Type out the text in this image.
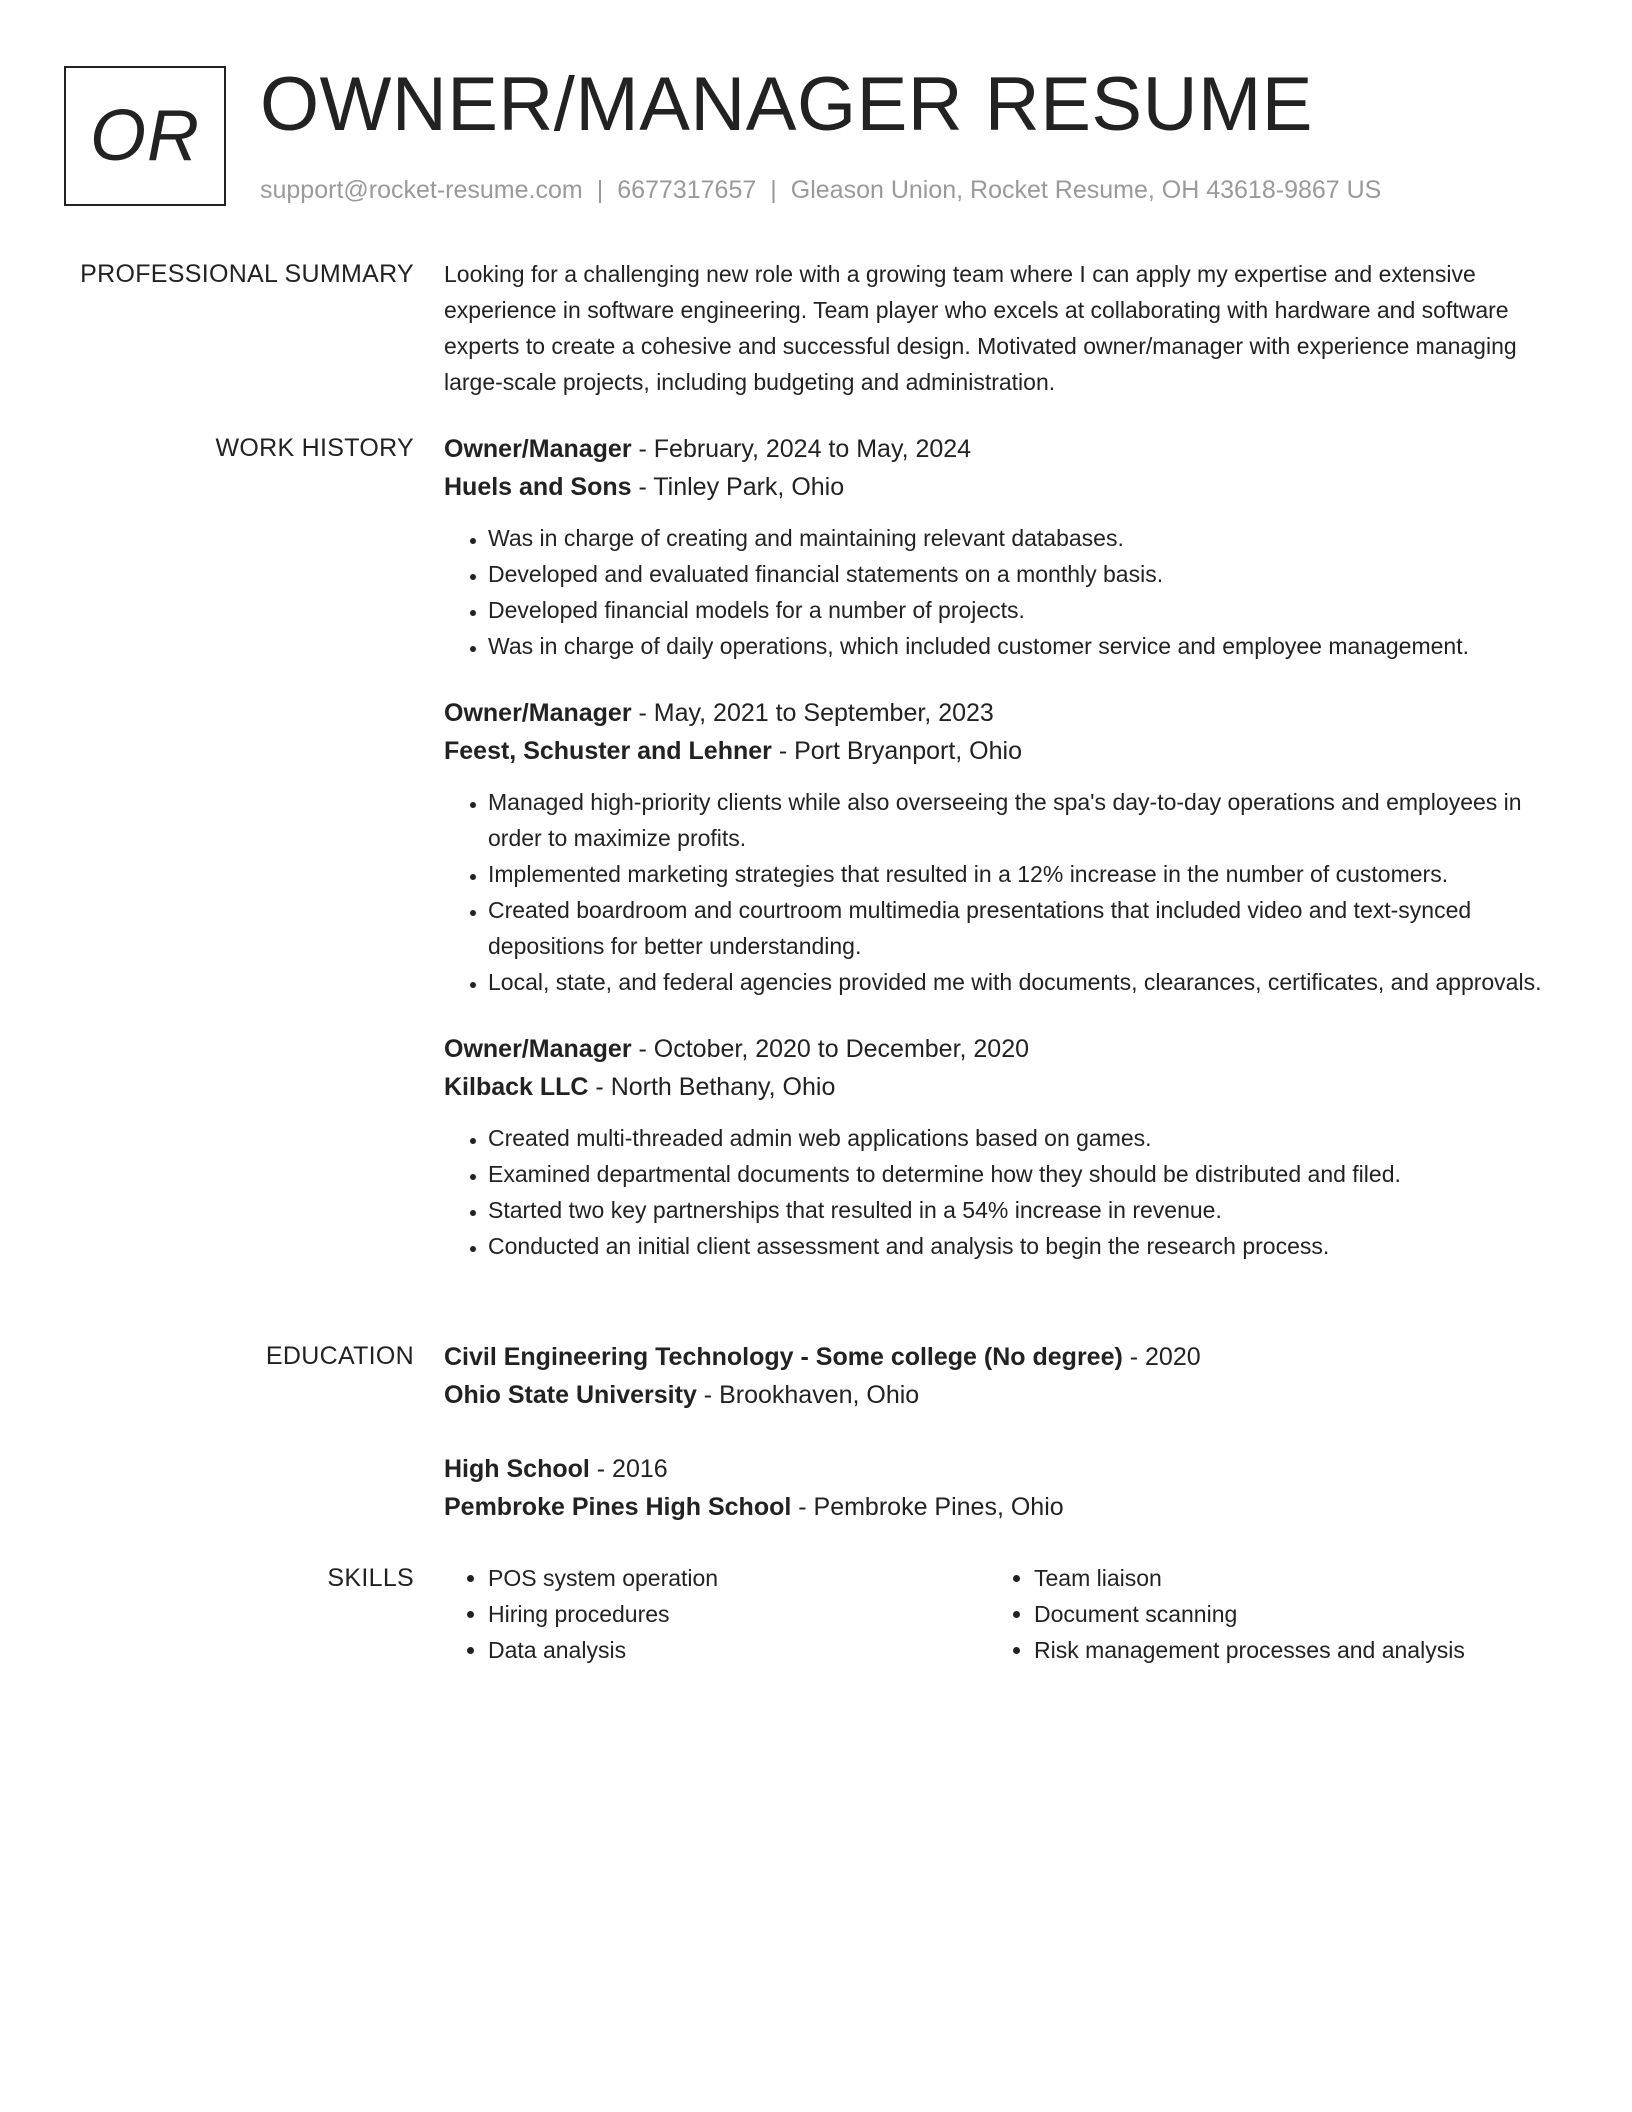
OR OWNER/MANAGER RESUME
support@rocket-resume.com | 6677317657 | Gleason Union, Rocket Resume, OH 43618-9867 US
PROFESSIONAL SUMMARY Looking for a challenging new role with a growing team where I can apply my expertise and extensive experience in software engineering. Team player who excels at collaborating with hardware and software experts to create a cohesive and successful design. Motivated owner/manager with experience managing large-scale projects, including budgeting and administration.

WORK HISTORY Owner/Manager - February, 2024 to May, 2024
Huels and Sons - Tinley Park, Ohio
• Was in charge of creating and maintaining relevant databases.
• Developed and evaluated financial statements on a monthly basis.
• Developed financial models for a number of projects.
• Was in charge of daily operations, which included customer service and employee management.
Owner/Manager - May, 2021 to September, 2023
Feest, Schuster and Lehner - Port Bryanport, Ohio
• Managed high-priority clients while also overseeing the spa's day-to-day operations and employees in order to maximize profits.
• Implemented marketing strategies that resulted in a 12% increase in the number of customers.
• Created boardroom and courtroom multimedia presentations that included video and text-synced depositions for better understanding.
• Local, state, and federal agencies provided me with documents, clearances, certificates, and approvals.
Owner/Manager - October, 2020 to December, 2020
Kilback LLC - North Bethany, Ohio
• Created multi-threaded admin web applications based on games.
• Examined departmental documents to determine how they should be distributed and filed.
• Started two key partnerships that resulted in a 54% increase in revenue.
• Conducted an initial client assessment and analysis to begin the research process.
EDUCATION Civil Engineering Technology - Some college (No degree) - 2020
Ohio State University - Brookhaven, Ohio
High School - 2016
Pembroke Pines High School - Pembroke Pines, Ohio
SKILLS
•	POS system operation
• Hiring procedures
• Data analysis
• Team liaison
• Document scanning
• Risk management processes and analysis
